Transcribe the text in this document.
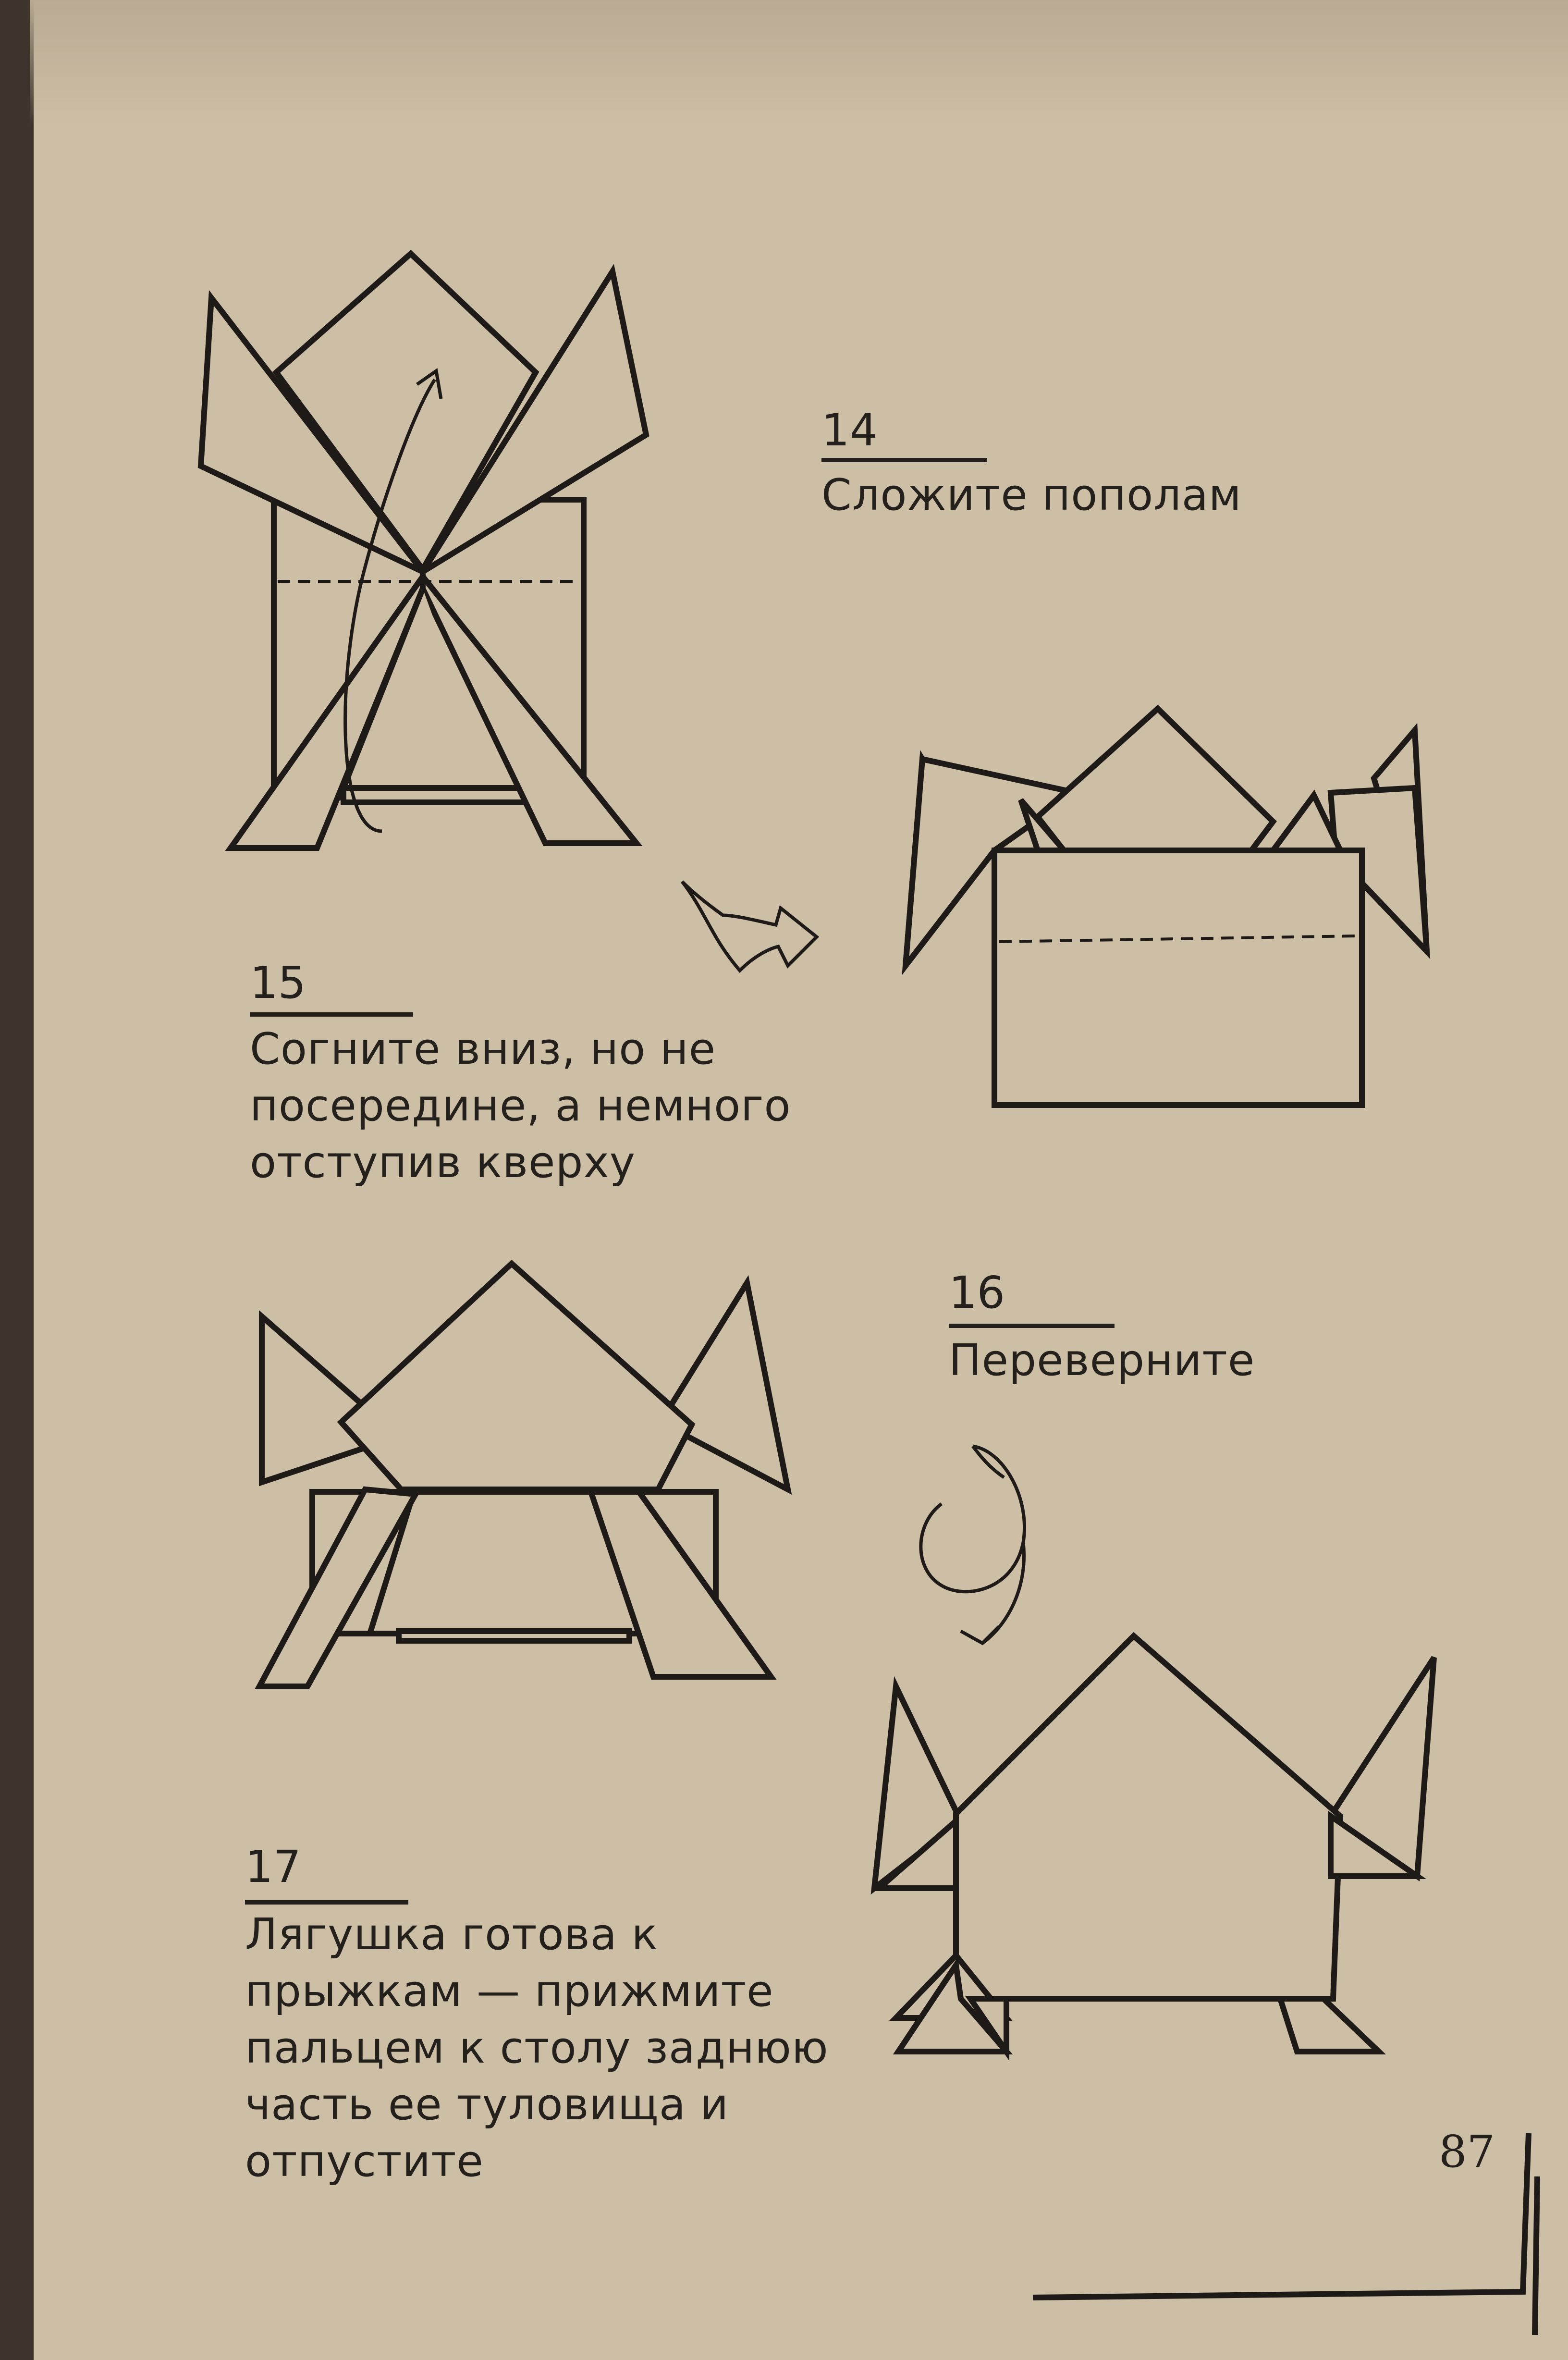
14
Сложите пополам
15
Согните вниз, но не
посередине, а немного
отступив кверху
16
Переверните
17
Лягушка готова к
прыжкам — прижмите
пальцем к столу заднюю
часть ее туловища и
отпустите	87
